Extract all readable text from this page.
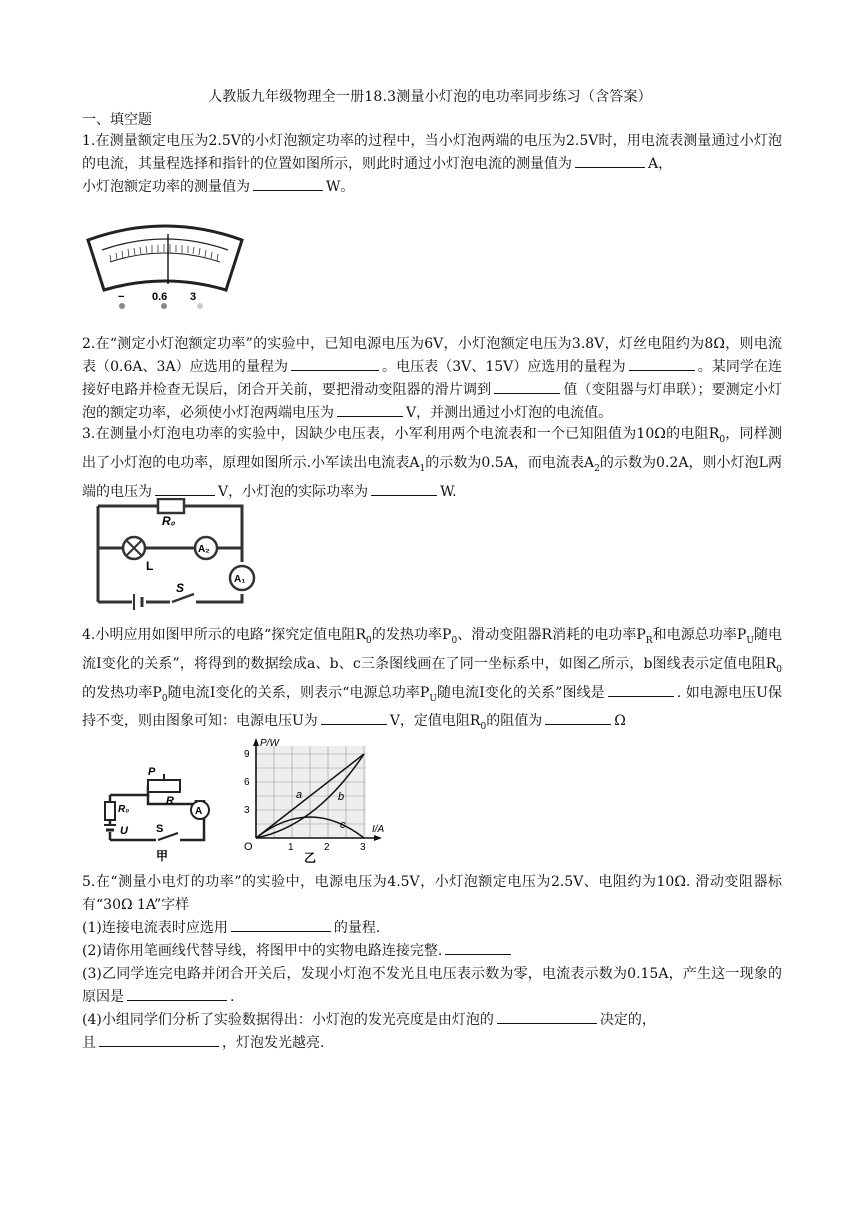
人教版九年级物理全一册18.3测量小灯泡的电功率同步练习（含答案）
一、填空题
1.在测量额定电压为2.5V的小灯泡额定功率的过程中，当小灯泡两端的电压为2.5V时，用电流表测量通过小灯泡的电流，其量程选择和指针的位置如图所示，则此时通过小灯泡电流的测量值为	A，
小灯泡额定功率的测量值为	W。
−	0.6 3
2.在“测定小灯泡额定功率”的实验中，已知电源电压为6V，小灯泡额定电压为3.8V，灯丝电阻约为8Ω，则电流表（0.6A、3A）应选用的量程为	。电压表（3V、15V）应选用的量程为	。某同学在连接好电路并检查无误后，闭合开关前，要把滑动变阻器的滑片调到	值（变阻器与灯串联）；要测定小灯泡的额定功率，必须使小灯泡两端电压为	V，并测出通过小灯泡的电流值。
3.在测量小灯泡电功率的实验中，因缺少电压表，小军利用两个电流表和一个已知阻值为10Ω的电阻$R_0$，同样测出了小灯泡的电功率，原理如图所示.小军读出电流表$A_1$的示数为0.5A，而电流表$A_2$的示数为0.2A，则小灯泡L两端的电压为	V，小灯泡的实际功率为	W.
R₀
L
A₂
A₁
S
4.小明应用如图甲所示的电路“探究定值电阻$R_0$的发热功率$P_0$、滑动变阻器R消耗的电功率$P_R$和电源总功率$P_U$随电流I变化的关系”，将得到的数据绘成a、b、c三条图线画在了同一坐标系中，如图乙所示，b图线表示定值电阻$R_0$的发热功率$P_0$随电流I变化的关系，则表示“电源总功率$P_U$随电流I变化的关系”图线是	. 如电源电压U保持不变，则由图象可知：电源电压U为	V，定值电阻$R_0$的阻值为	Ω
P
R
A
R₀
U	S
甲
P/W
I/A
O
3
6
9
1	2	3
a	b
c
乙
5.在“测量小电灯的功率”的实验中，电源电压为4.5V，小灯泡额定电压为2.5V、电阻约为10Ω. 滑动变阻器标有“30Ω 1A”字样
(1)连接电流表时应选用	的量程.
(2)请你用笔画线代替导线，将图甲中的实物电路连接完整.
(3)乙同学连完电路并闭合开关后，发现小灯泡不发光且电压表示数为零，电流表示数为0.15A，产生这一现象的原因是	.
(4)小组同学们分析了实验数据得出：小灯泡的发光亮度是由灯泡的	决定的，
且	，灯泡发光越亮.
